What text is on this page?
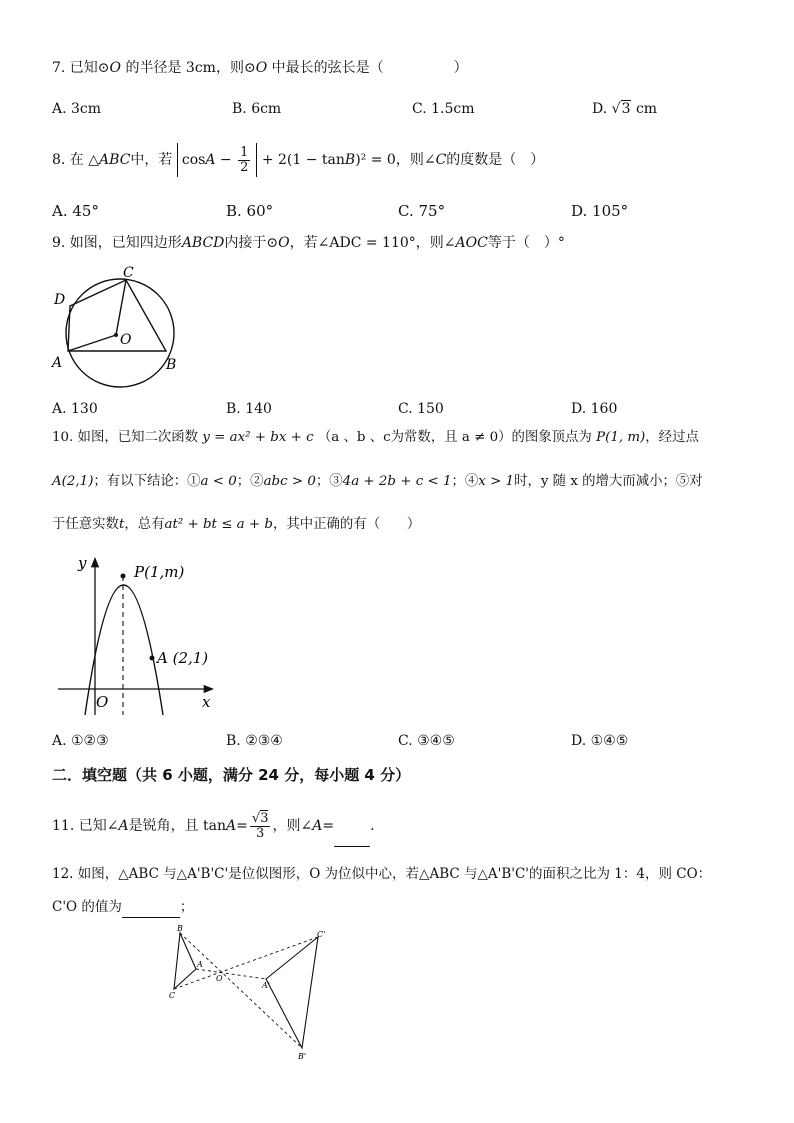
7. 已知⊙O 的半径是 3cm，则⊙O 中最长的弦长是（	）
A. 3cm	B. 6cm	C. 1.5cm	D. √3 cm
8. 在 △ABC中，若 $\cos A - \frac{1}{2} + 2(1 - \tan B)^2 = 0$，则∠C的度数是（　）
A. 45°	B. 60°	C. 75°	D. 105°
9. 如图，已知四边形ABCD内接于⊙O，若∠ADC = 110°，则∠AOC等于（　）°
A	B
C
D
O
A. 130	B. 140	C. 150	D. 160
10. 如图，已知二次函数 y = ax² + bx + c （a 、b 、c为常数，且 a ≠ 0）的图象顶点为 P(1, m)，经过点
A(2,1)；有以下结论：①a < 0；②abc > 0；③4a + 2b + c < 1；④x > 1时，y 随 x 的增大而减小；⑤对
于任意实数t，总有at² + bt ≤ a + b，其中正确的有（　　）
y
x
O
P(1,m)
A (2,1)
A. ①②③	B. ②③④	C. ③④⑤	D. ①④⑤
二．填空题（共 6 小题，满分 24 分，每小题 4 分）
11. 已知∠A是锐角，且 $\tan A= \frac{√3}{3}$ ，则∠A=	.
12. 如图，△ABC 与△A'B'C'是位似图形，O 为位似中心，若△ABC 与△A'B'C'的面积之比为 1：4，则 CO：
C'O 的值为	；
B
A
C
O
A'
B'
C'
